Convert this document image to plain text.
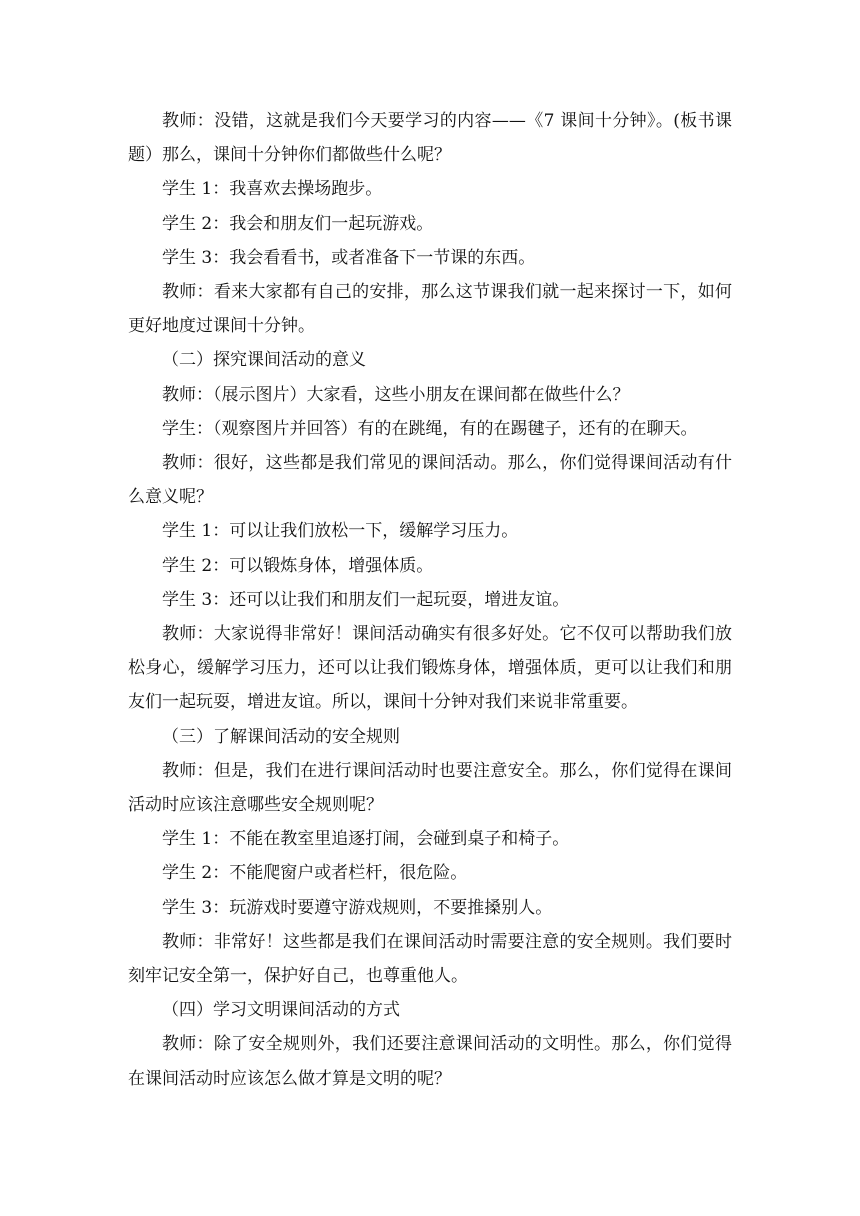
教师：没错，这就是我们今天要学习的内容——《7 课间十分钟》。(板书课题）那么，课间十分钟你们都做些什么呢？

学生 1：我喜欢去操场跑步。

学生 2：我会和朋友们一起玩游戏。

学生 3：我会看看书，或者准备下一节课的东西。

教师：看来大家都有自己的安排，那么这节课我们就一起来探讨一下，如何更好地度过课间十分钟。

（二）探究课间活动的意义

教师：（展示图片）大家看，这些小朋友在课间都在做些什么？

学生：（观察图片并回答）有的在跳绳，有的在踢毽子，还有的在聊天。

教师：很好，这些都是我们常见的课间活动。那么，你们觉得课间活动有什么意义呢？

学生 1：可以让我们放松一下，缓解学习压力。

学生 2：可以锻炼身体，增强体质。

学生 3：还可以让我们和朋友们一起玩耍，增进友谊。

教师：大家说得非常好！课间活动确实有很多好处。它不仅可以帮助我们放松身心，缓解学习压力，还可以让我们锻炼身体，增强体质，更可以让我们和朋友们一起玩耍，增进友谊。所以，课间十分钟对我们来说非常重要。

（三）了解课间活动的安全规则

教师：但是，我们在进行课间活动时也要注意安全。那么，你们觉得在课间活动时应该注意哪些安全规则呢？

学生 1：不能在教室里追逐打闹，会碰到桌子和椅子。

学生 2：不能爬窗户或者栏杆，很危险。

学生 3：玩游戏时要遵守游戏规则，不要推搡别人。

教师：非常好！这些都是我们在课间活动时需要注意的安全规则。我们要时刻牢记安全第一，保护好自己，也尊重他人。

（四）学习文明课间活动的方式

教师：除了安全规则外，我们还要注意课间活动的文明性。那么，你们觉得在课间活动时应该怎么做才算是文明的呢？
